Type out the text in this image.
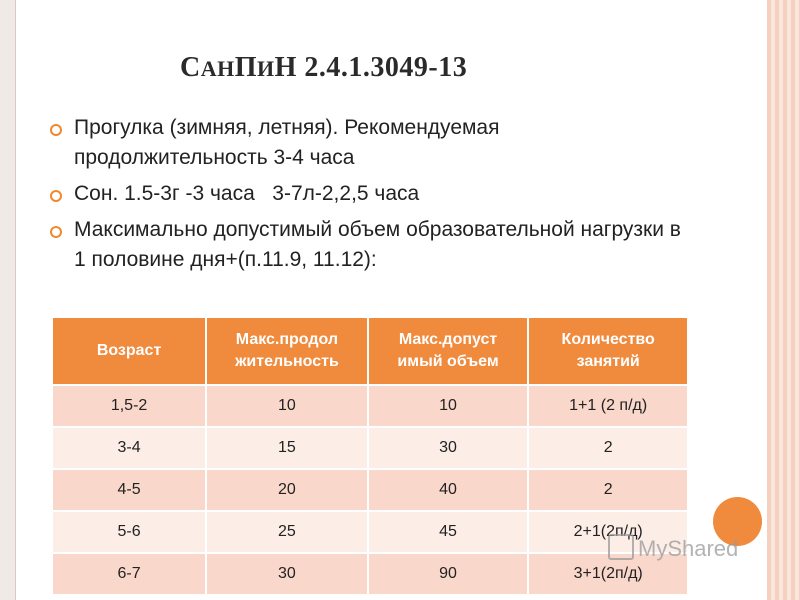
САНПИН 2.4.1.3049-13
Прогулка (зимняя, летняя). Рекомендуемая продолжительность 3-4 часа
Сон. 1.5-3г -3 часа   3-7л-2,2,5 часа
Максимально допустимый объем образовательной нагрузки в 1 половине дня+(п.11.9, 11.12):
Возраст	Макс.продол жительность	Макс.допуст имый объем	Количество занятий
1,5-2	10	10	1+1 (2 п/д)
3-4	15	30	2
4-5	20	40	2
5-6	25	45	2+1(2п/д)
6-7	30	90	3+1(2п/д)
MyShared
